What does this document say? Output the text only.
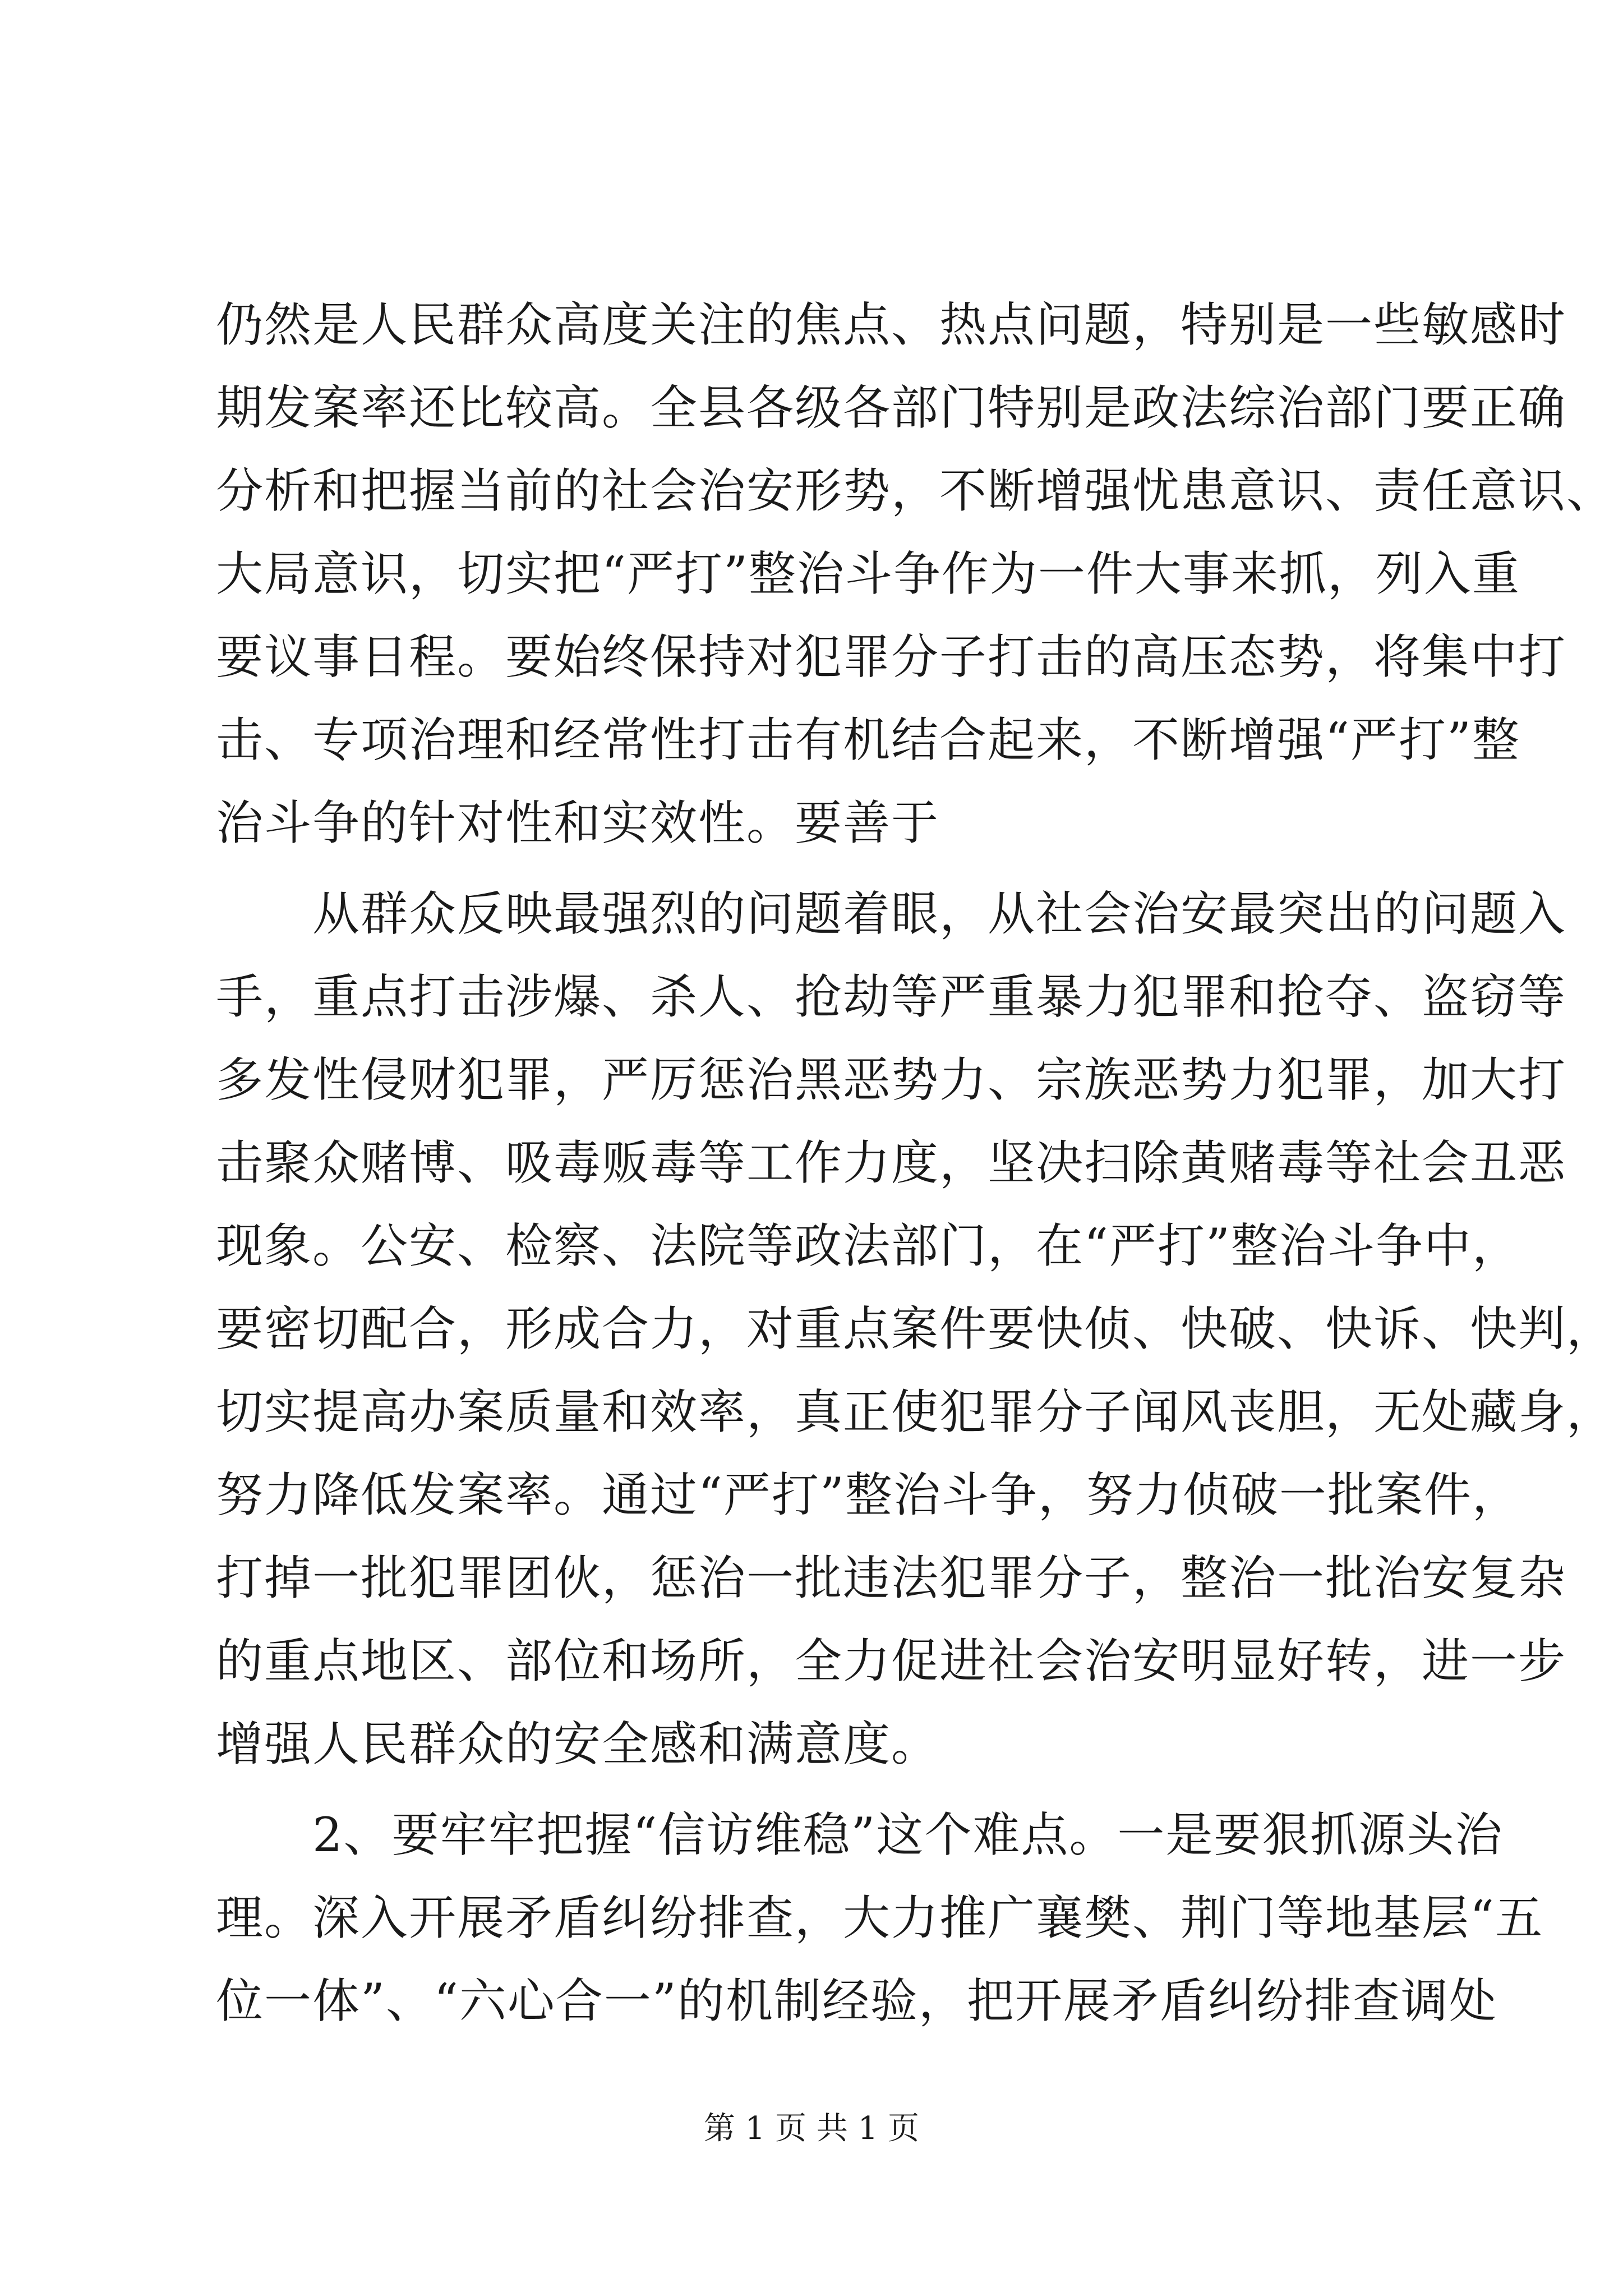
仍然是人民群众高度关注的焦点、热点问题，特别是一些敏感时
期发案率还比较高。全县各级各部门特别是政法综治部门要正确
分析和把握当前的社会治安形势，不断增强忧患意识、责任意识、
大局意识，切实把“严打”整治斗争作为一件大事来抓，列入重
要议事日程。要始终保持对犯罪分子打击的高压态势，将集中打
击、专项治理和经常性打击有机结合起来，不断增强“严打”整
治斗争的针对性和实效性。要善于
　　从群众反映最强烈的问题着眼，从社会治安最突出的问题入
手，重点打击涉爆、杀人、抢劫等严重暴力犯罪和抢夺、盗窃等
多发性侵财犯罪，严厉惩治黑恶势力、宗族恶势力犯罪，加大打
击聚众赌博、吸毒贩毒等工作力度，坚决扫除黄赌毒等社会丑恶
现象。公安、检察、法院等政法部门，在“严打”整治斗争中，
要密切配合，形成合力，对重点案件要快侦、快破、快诉、快判，
切实提高办案质量和效率，真正使犯罪分子闻风丧胆，无处藏身，
努力降低发案率。通过“严打”整治斗争，努力侦破一批案件，
打掉一批犯罪团伙，惩治一批违法犯罪分子，整治一批治安复杂
的重点地区、部位和场所，全力促进社会治安明显好转，进一步
增强人民群众的安全感和满意度。
　　2、要牢牢把握“信访维稳”这个难点。一是要狠抓源头治
理。深入开展矛盾纠纷排查，大力推广襄樊、荆门等地基层“五
位一体”、“六心合一”的机制经验，把开展矛盾纠纷排查调处
第 1 页 共 1 页
